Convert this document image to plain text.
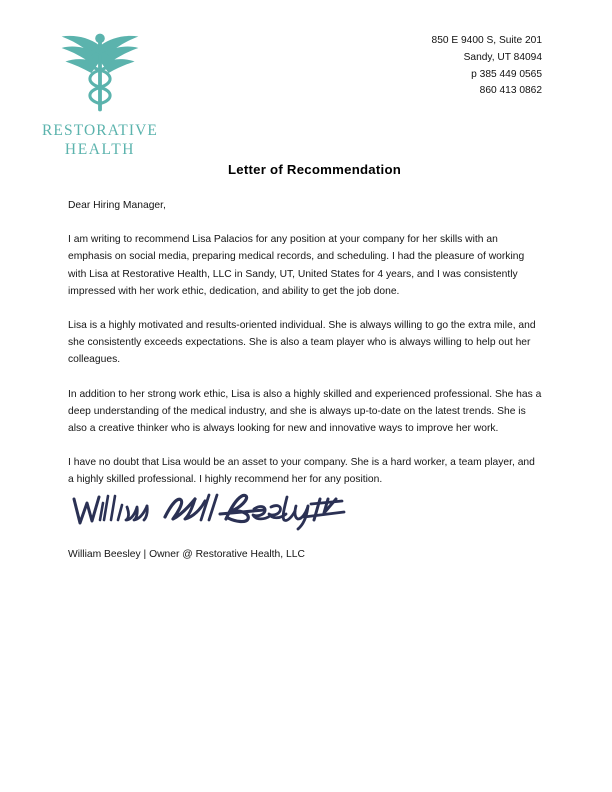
RESTORATIVE
HEALTH
850 E 9400 S, Suite 201
Sandy, UT 84094
p 385 449 0565
860 413 0862
Letter of Recommendation

Dear Hiring Manager,

I am writing to recommend Lisa Palacios for any position at your company for her skills with an emphasis on social media, preparing medical records, and scheduling. I had the pleasure of working with Lisa at Restorative Health, LLC in Sandy, UT, United States for 4 years, and I was consistently impressed with her work ethic, dedication, and ability to get the job done.

Lisa is a highly motivated and results-oriented individual. She is always willing to go the extra mile, and she consistently exceeds expectations. She is also a team player who is always willing to help out her colleagues.

In addition to her strong work ethic, Lisa is also a highly skilled and experienced professional. She has a deep understanding of the medical industry, and she is always up-to-date on the latest trends. She is also a creative thinker who is always looking for new and innovative ways to improve her work.

I have no doubt that Lisa would be an asset to your company. She is a hard worker, a team player, and a highly skilled professional. I highly recommend her for any position.

William Beesley | Owner @ Restorative Health, LLC
